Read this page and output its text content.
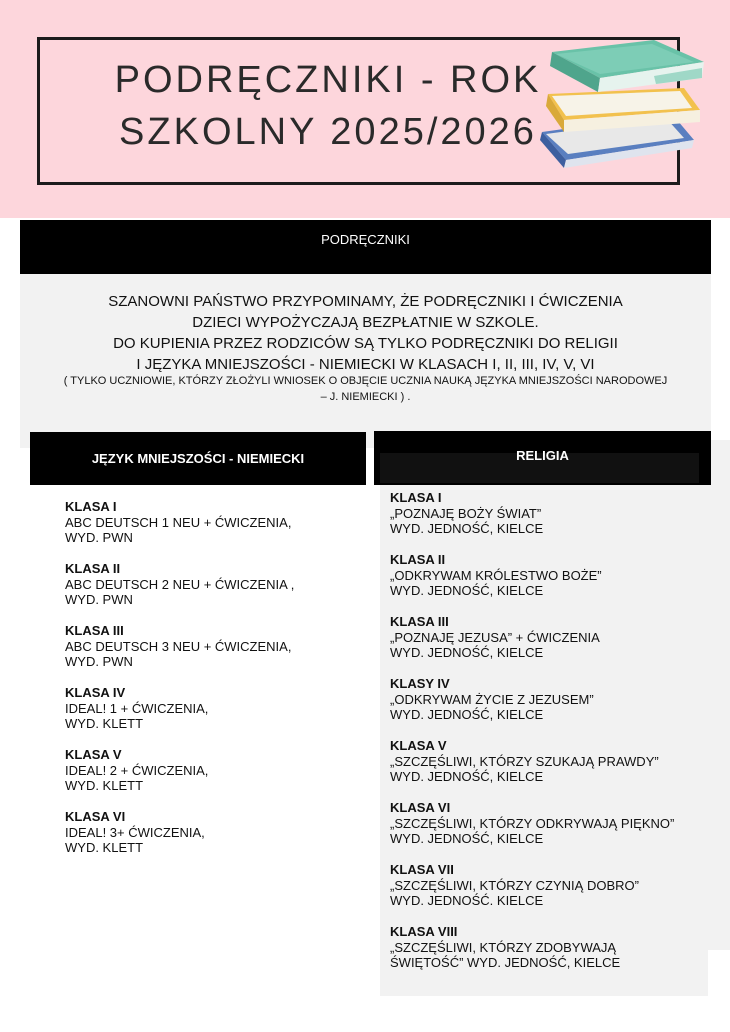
PODRĘCZNIKI - ROK
SZKOLNY 2025/2026
PODRĘCZNIKI
SZANOWNI PAŃSTWO PRZYPOMINAMY, ŻE PODRĘCZNIKI I ĆWICZENIA
DZIECI WYPOŻYCZAJĄ BEZPŁATNIE W SZKOLE.
DO KUPIENIA PRZEZ RODZICÓW SĄ TYLKO PODRĘCZNIKI DO RELIGII
I JĘZYKA MNIEJSZOŚCI - NIEMIECKI W KLASACH I, II, III, IV, V, VI
( TYLKO UCZNIOWIE, KTÓRZY ZŁOŻYLI WNIOSEK O OBJĘCIE UCZNIA NAUKĄ JĘZYKA MNIEJSZOŚCI NARODOWEJ – J. NIEMIECKI ) .
JĘZYK MNIEJSZOŚCI - NIEMIECKI	RELIGIA
KLASA I
ABC DEUTSCH 1 NEU + ĆWICZENIA,
WYD. PWN
KLASA II
ABC DEUTSCH 2 NEU + ĆWICZENIA ,
WYD. PWN
KLASA III
ABC DEUTSCH 3 NEU + ĆWICZENIA,
WYD. PWN
KLASA IV
IDEAL! 1 + ĆWICZENIA,
WYD. KLETT
KLASA V
IDEAL! 2 + ĆWICZENIA,
WYD. KLETT
KLASA VI
IDEAL! 3+ ĆWICZENIA,
WYD. KLETT
KLASA I
„POZNAJĘ BOŻY ŚWIAT”
WYD. JEDNOŚĆ, KIELCE
KLASA II
„ODKRYWAM KRÓLESTWO BOŻE”
WYD. JEDNOŚĆ, KIELCE
KLASA III
„POZNAJĘ JEZUSA” + ĆWICZENIA
WYD. JEDNOŚĆ, KIELCE
KLASY IV
„ODKRYWAM ŻYCIE Z JEZUSEM”
WYD. JEDNOŚĆ, KIELCE
KLASA V
„SZCZĘŚLIWI, KTÓRZY SZUKAJĄ PRAWDY”
WYD. JEDNOŚĆ, KIELCE
KLASA VI
„SZCZĘŚLIWI, KTÓRZY ODKRYWAJĄ PIĘKNO”
WYD. JEDNOŚĆ, KIELCE
KLASA VII
„SZCZĘŚLIWI, KTÓRZY CZYNIĄ DOBRO”
WYD. JEDNOŚĆ. KIELCE
KLASA VIII
„SZCZĘŚLIWI, KTÓRZY ZDOBYWAJĄ
ŚWIĘTOŚĆ” WYD. JEDNOŚĆ, KIELCE
